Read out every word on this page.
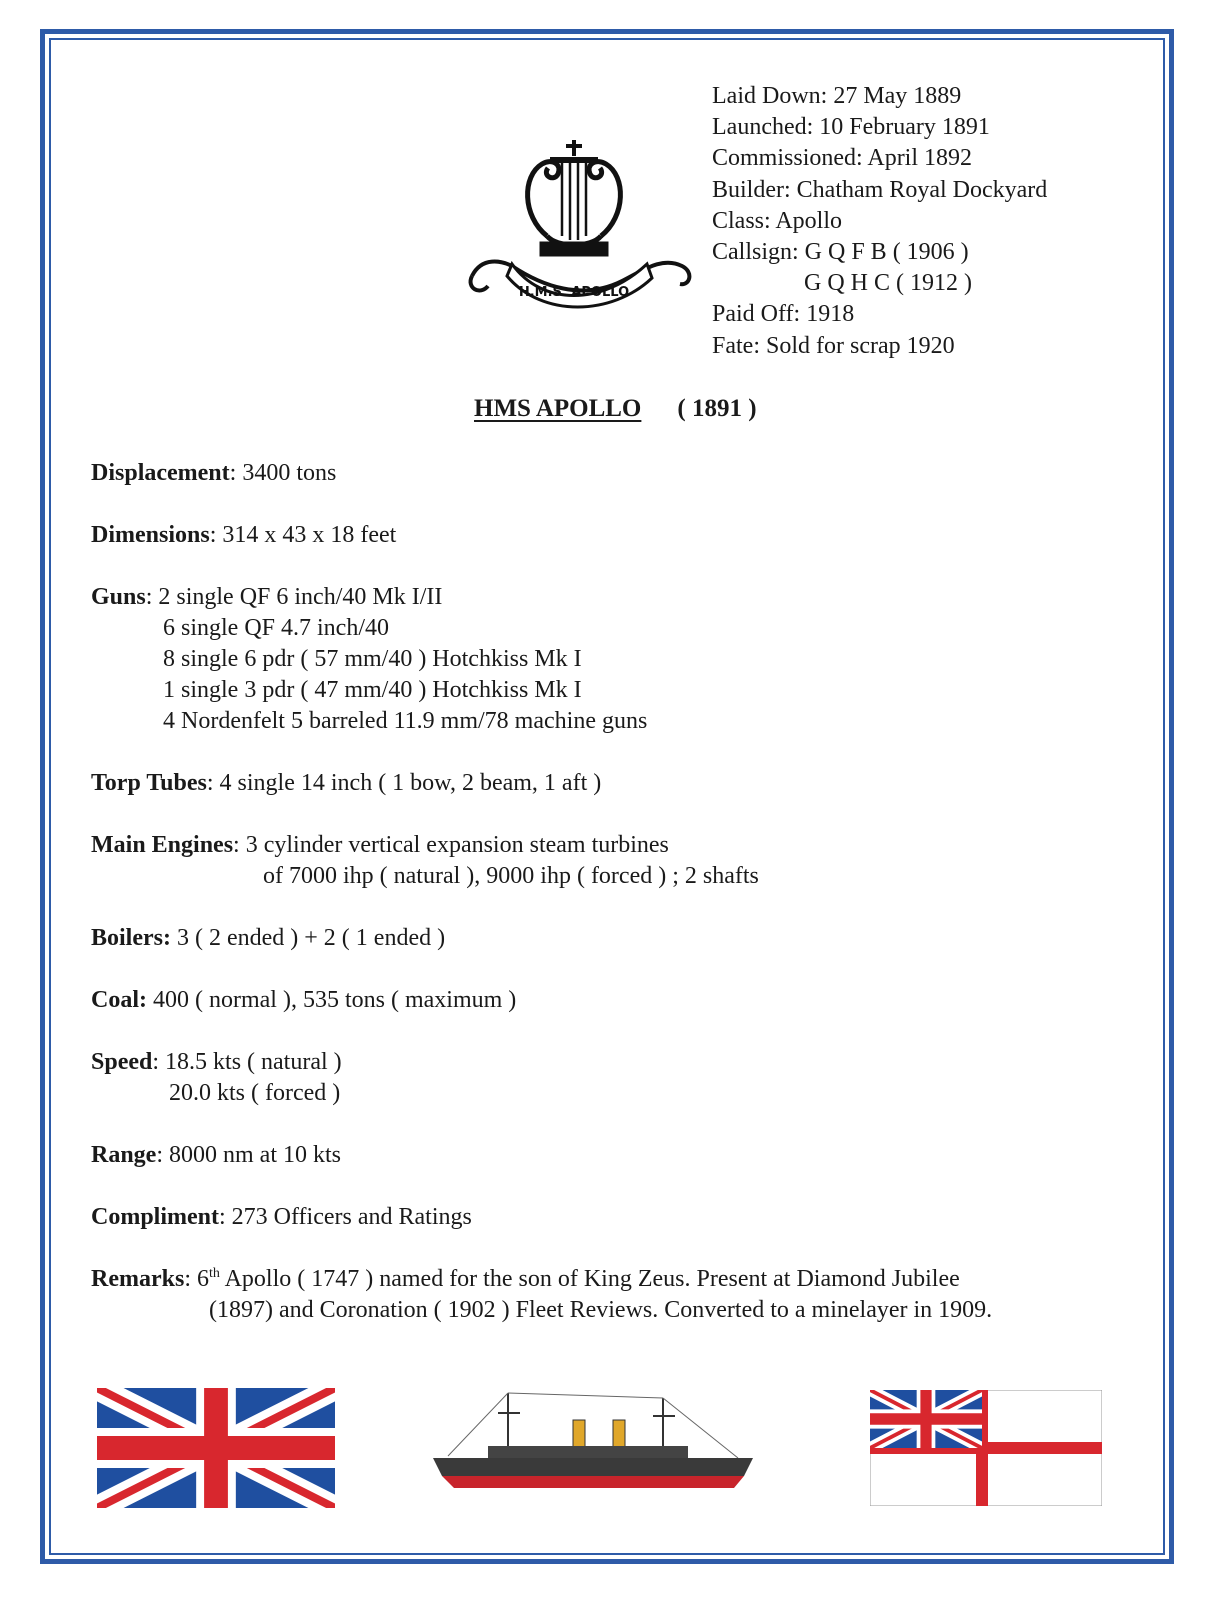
H.M.S. APOLLO
Laid Down: 27 May 1889
Launched: 10 February 1891
Commissioned: April 1892
Builder: Chatham Royal Dockyard
Class: Apollo
Callsign: G Q F B ( 1906 )
G Q H C ( 1912 )
Paid Off: 1918
Fate: Sold for scrap 1920
HMS APOLLO ( 1891 )
Displacement: 3400 tons
Dimensions: 314 x 43 x 18 feet
Guns: 2 single QF 6 inch/40 Mk I/II
6 single QF 4.7 inch/40
8 single 6 pdr ( 57 mm/40 ) Hotchkiss Mk I
1 single 3 pdr ( 47 mm/40 ) Hotchkiss Mk I
4 Nordenfelt 5 barreled 11.9 mm/78 machine guns
Torp Tubes: 4 single 14 inch ( 1 bow, 2 beam, 1 aft )
Main Engines: 3 cylinder vertical expansion steam turbines
of 7000 ihp ( natural ), 9000 ihp ( forced ) ; 2 shafts
Boilers: 3 ( 2 ended ) + 2 ( 1 ended )
Coal: 400 ( normal ), 535 tons ( maximum )
Speed: 18.5 kts ( natural )
20.0 kts ( forced )
Range: 8000 nm at 10 kts
Compliment: 273 Officers and Ratings
Remarks: 6th Apollo ( 1747 ) named for the son of King Zeus. Present at Diamond Jubilee
(1897) and Coronation ( 1902 ) Fleet Reviews. Converted to a minelayer in 1909.
